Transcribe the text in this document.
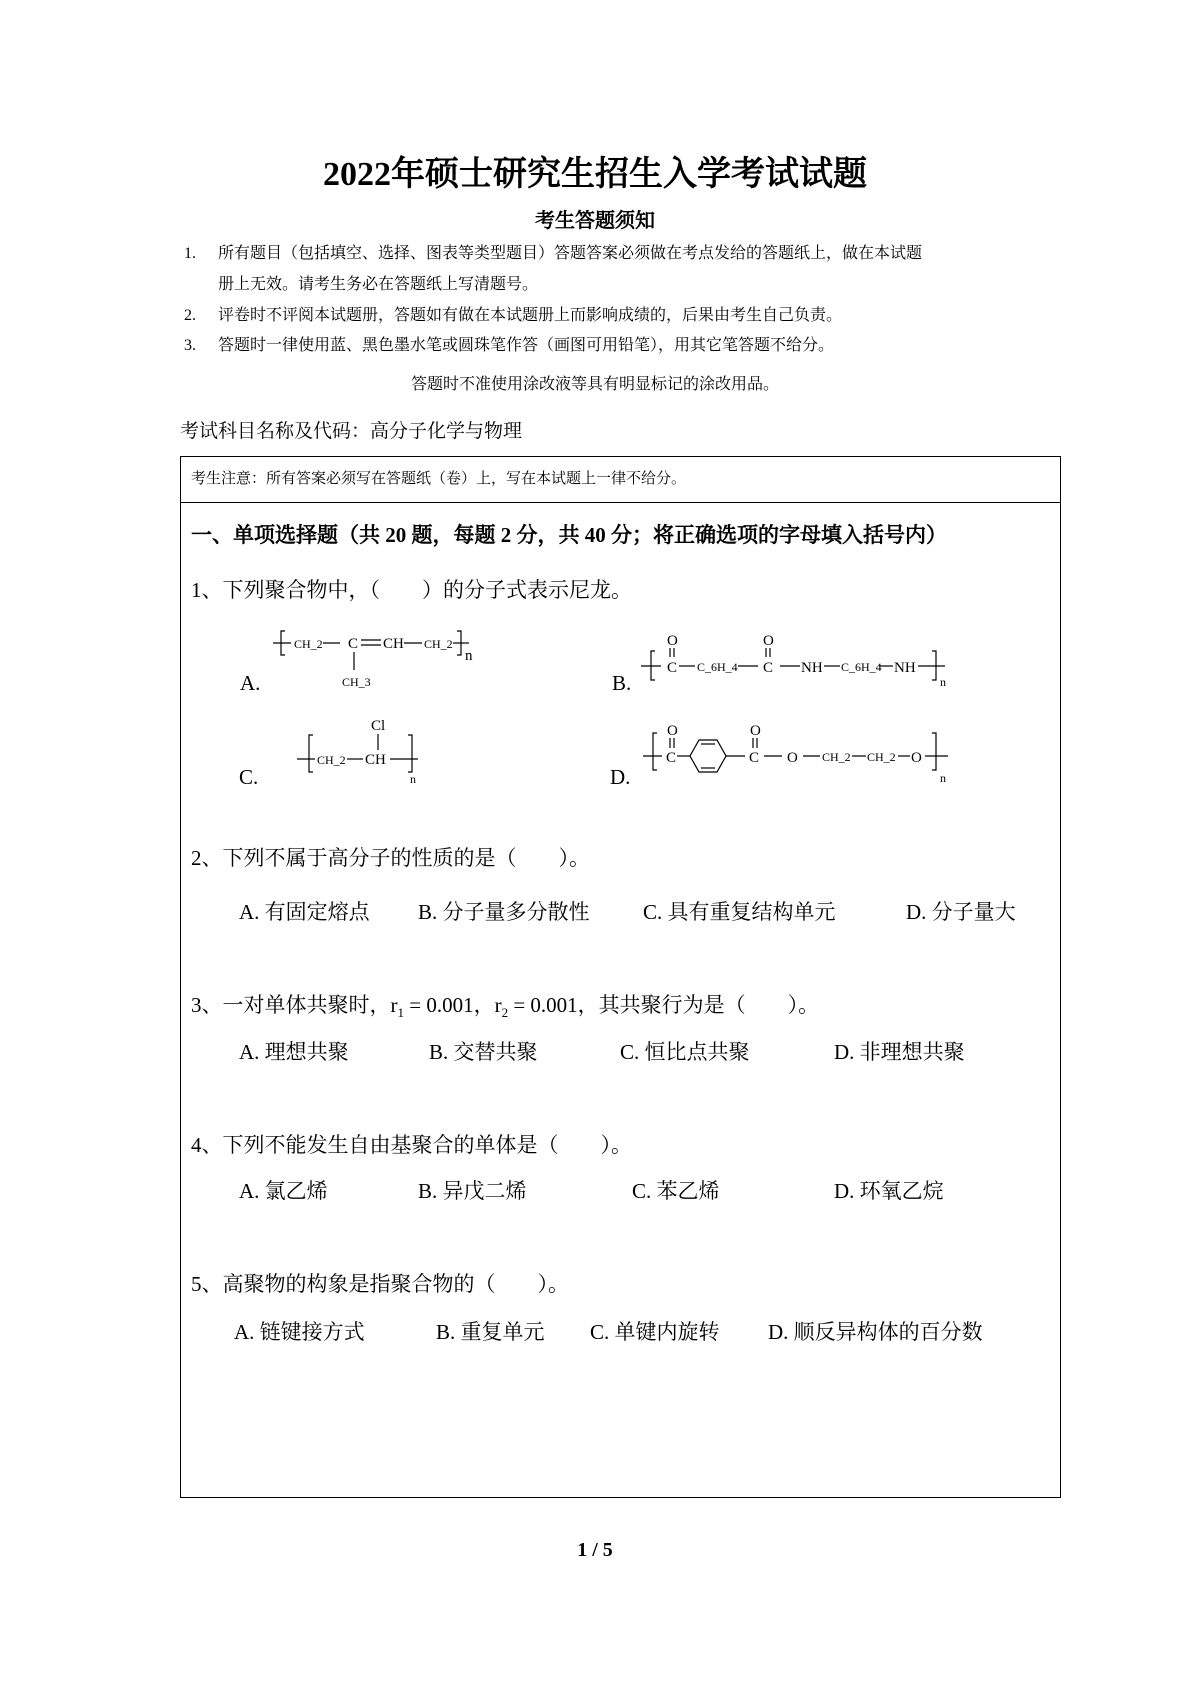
2022年硕士研究生招生入学考试试题
考生答题须知
1. 所有题目（包括填空、选择、图表等类型题目）答题答案必须做在考点发给的答题纸上，做在本试题
册上无效。请考生务必在答题纸上写清题号。
2. 评卷时不评阅本试题册，答题如有做在本试题册上而影响成绩的，后果由考生自己负责。
3. 答题时一律使用蓝、黑色墨水笔或圆珠笔作答（画图可用铅笔），用其它笔答题不给分。
答题时不准使用涂改液等具有明显标记的涂改用品。
考试科目名称及代码：高分子化学与物理
考生注意：所有答案必须写在答题纸（卷）上，写在本试题上一律不给分。
一、单项选择题（共 20 题，每题 2 分，共 40 分；将正确选项的字母填入括号内）
1、下列聚合物中，（　　）的分子式表示尼龙。
A.	B.
C.	D.
CH_2 C CH CH_2
n
CH_3
O
C C_6H_4
O
C NH C_6H_4 NH
n
CH_2 CH
Cl
n
O
C
O
C O CH_2 CH_2 O
n
2、下列不属于高分子的性质的是（　　）。
A. 有固定熔点 B. 分子量多分散性	C. 具有重复结构单元	D. 分子量大
3、一对单体共聚时，$r_1 = 0.001$，$r_2 = 0.001$，其共聚行为是（　　）。
A. 理想共聚	B. 交替共聚	C. 恒比点共聚	D. 非理想共聚
4、下列不能发生自由基聚合的单体是（　　）。
A. 氯乙烯	B. 异戊二烯	C. 苯乙烯	D. 环氧乙烷
5、高聚物的构象是指聚合物的（　　）。
A. 链键接方式	B. 重复单元 C. 单键内旋转 D. 顺反异构体的百分数
1 / 5
